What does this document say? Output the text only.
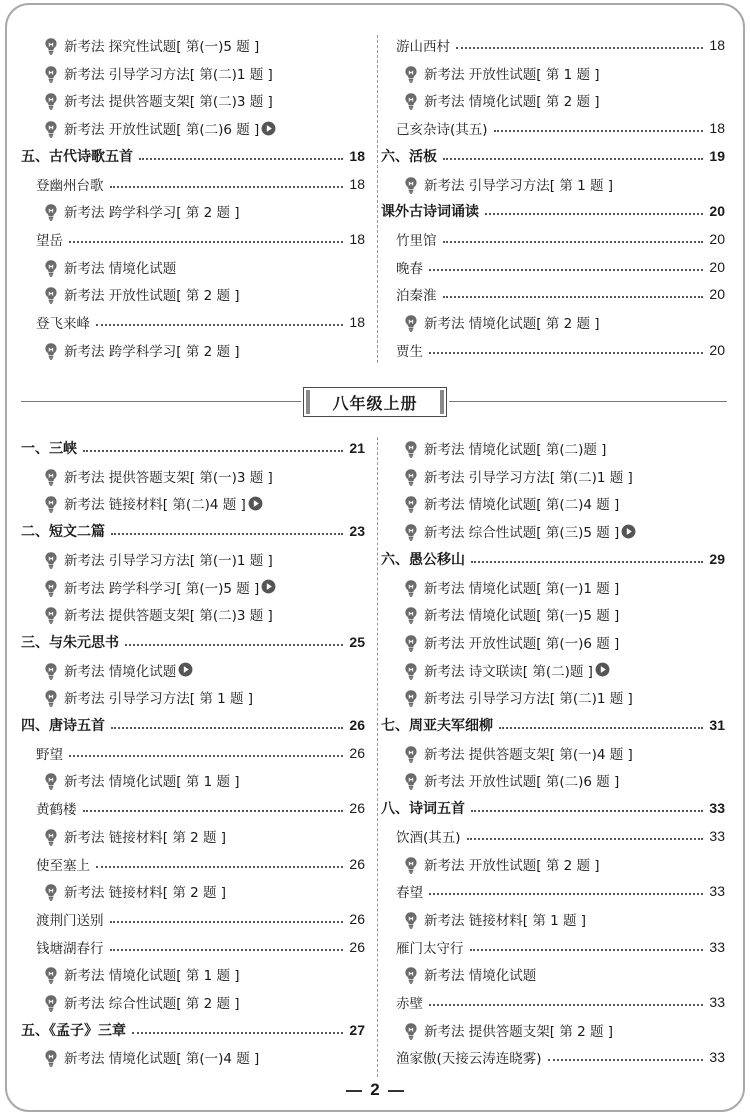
新考法 探究性试题[ 第(一)5 题 ]
新考法 引导学习方法[ 第(二)1 题 ]
新考法 提供答题支架[ 第(二)3 题 ]
新考法 开放性试题[ 第(二)6 题 ]
五、古代诗歌五首	18
登幽州台歌	18
新考法 跨学科学习[ 第 2 题 ]
望岳	18
新考法 情境化试题
新考法 开放性试题[ 第 2 题 ]
登飞来峰	18
新考法 跨学科学习[ 第 2 题 ]
游山西村	18
新考法 开放性试题[ 第 1 题 ]
新考法 情境化试题[ 第 2 题 ]
己亥杂诗(其五)	18
六、活板	19
新考法 引导学习方法[ 第 1 题 ]
课外古诗词诵读	20
竹里馆	20
晚春	20
泊秦淮	20
新考法 情境化试题[ 第 2 题 ]
贾生	20
八年级上册
一、三峡	21
新考法 提供答题支架[ 第(一)3 题 ]
新考法 链接材料[ 第(二)4 题 ]
二、短文二篇	23
新考法 引导学习方法[ 第(一)1 题 ]
新考法 跨学科学习[ 第(一)5 题 ]
新考法 提供答题支架[ 第(二)3 题 ]
三、与朱元思书	25
新考法 情境化试题
新考法 引导学习方法[ 第 1 题 ]
四、唐诗五首	26
野望	26
新考法 情境化试题[ 第 1 题 ]
黄鹤楼	26
新考法 链接材料[ 第 2 题 ]
使至塞上	26
新考法 链接材料[ 第 2 题 ]
渡荆门送别	26
钱塘湖春行	26
新考法 情境化试题[ 第 1 题 ]
新考法 综合性试题[ 第 2 题 ]
五、《孟子》三章	27
新考法 情境化试题[ 第(一)4 题 ]
新考法 情境化试题[ 第(二)题 ]
新考法 引导学习方法[ 第(二)1 题 ]
新考法 情境化试题[ 第(二)4 题 ]
新考法 综合性试题[ 第(三)5 题 ]
六、愚公移山	29
新考法 情境化试题[ 第(一)1 题 ]
新考法 情境化试题[ 第(一)5 题 ]
新考法 开放性试题[ 第(一)6 题 ]
新考法 诗文联读[ 第(二)题 ]
新考法 引导学习方法[ 第(二)1 题 ]
七、周亚夫军细柳	31
新考法 提供答题支架[ 第(一)4 题 ]
新考法 开放性试题[ 第(二)6 题 ]
八、诗词五首	33
饮酒(其五)	33
新考法 开放性试题[ 第 2 题 ]
春望	33
新考法 链接材料[ 第 1 题 ]
雁门太守行	33
新考法 情境化试题
赤壁	33
新考法 提供答题支架[ 第 2 题 ]
渔家傲(天接云涛连晓雾)	33
2
